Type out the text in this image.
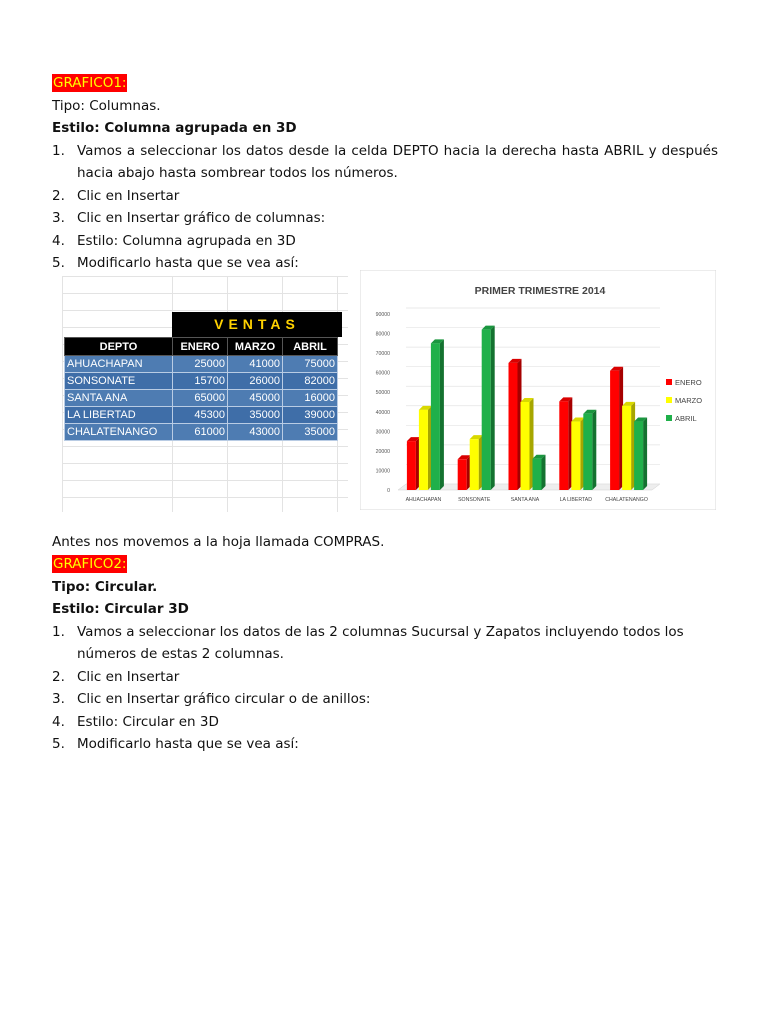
GRAFICO1:
Tipo: Columnas.
Estilo: Columna agrupada en 3D
1. Vamos a seleccionar los datos desde la celda DEPTO hacia la derecha hasta ABRIL y después hacia abajo hasta sombrear todos los números.
2. Clic en Insertar
3. Clic en Insertar gráfico de columnas:
4. Estilo: Columna agrupada en 3D
5. Modificarlo hasta que se vea así:
VENTAS
DEPTO	ENERO	MARZO	ABRIL
AHUACHAPAN	25000	41000	75000
SONSONATE	15700	26000	82000
SANTA ANA	65000	45000	16000
LA LIBERTAD	45300	35000	39000
CHALATENANGO	61000	43000	35000
PRIMER TRIMESTRE 2014
0
10000
20000
30000
40000
50000
60000
70000
80000
90000
AHUACHAPAN	SONSONATE	SANTA ANA	LA LIBERTAD	CHALATENANGO
ENERO
MARZO
ABRIL
Antes nos movemos a la hoja llamada COMPRAS.
GRAFICO2:
Tipo: Circular.
Estilo: Circular 3D
1. Vamos a seleccionar los datos de las 2 columnas Sucursal y Zapatos incluyendo todos los números de estas 2 columnas.
2. Clic en Insertar
3. Clic en Insertar gráfico circular o de anillos:
4. Estilo: Circular en 3D
5. Modificarlo hasta que se vea así:
